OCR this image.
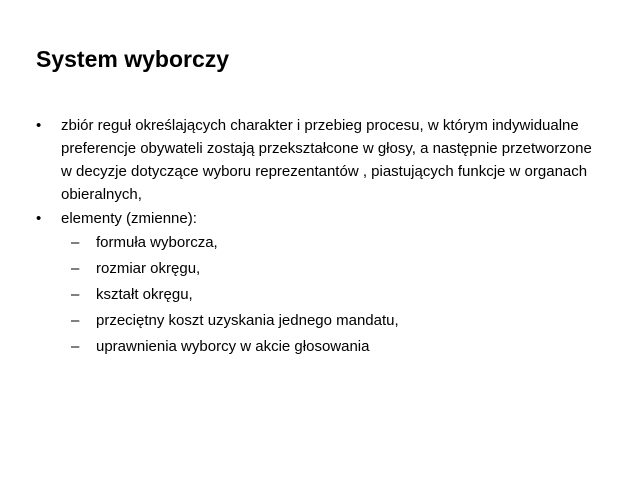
System wyborczy
• zbiór reguł określających charakter i przebieg procesu, w którym indywidualne preferencje obywateli zostają przekształcone w głosy, a następnie przetworzone w decyzje dotyczące wyboru reprezentantów , piastujących funkcje w organach obieralnych,
• elementy (zmienne):
– formuła wyborcza,
– rozmiar okręgu,
– kształt okręgu,
– przeciętny koszt uzyskania jednego mandatu,
– uprawnienia wyborcy w akcie głosowania
